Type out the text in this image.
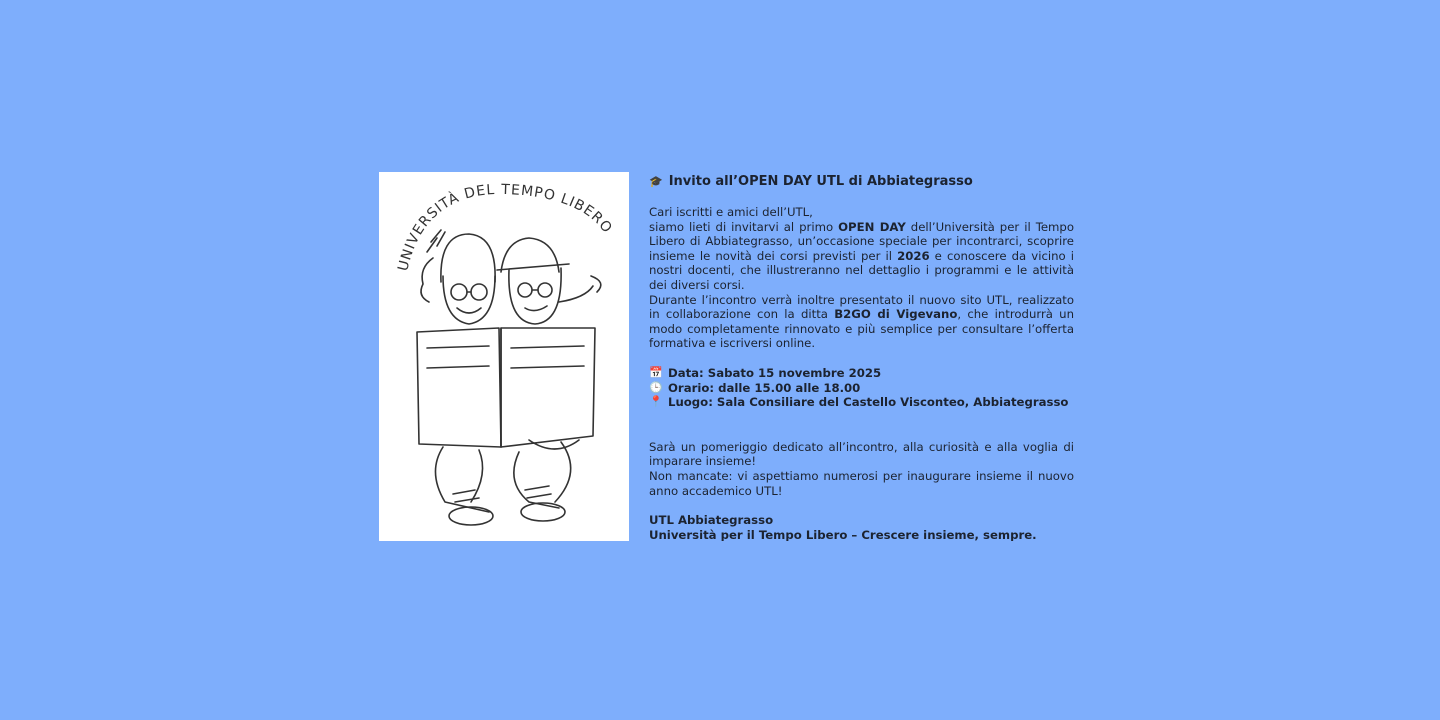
UNIVERSITÀ DEL TEMPO LIBERO
🎓 Invito all’OPEN DAY UTL di Abbiategrasso

Cari iscritti e amici dell’UTL,

siamo lieti di invitarvi al primo OPEN DAY dell’Università per il Tempo Libero di Abbiategrasso, un’occasione speciale per incontrarci, scoprire insieme le novità dei corsi previsti per il 2026 e conoscere da vicino i nostri docenti, che illustreranno nel dettaglio i programmi e le attività dei diversi corsi.

Durante l’incontro verrà inoltre presentato il nuovo sito UTL, realizzato in collaborazione con la ditta B2GO di Vigevano, che introdurrà un modo completamente rinnovato e più semplice per consultare l’offerta formativa e iscriversi online.

📅 Data: Sabato 15 novembre 2025
🕒 Orario: dalle 15.00 alle 18.00
📍 Luogo: Sala Consiliare del Castello Visconteo, Abbiategrasso

Sarà un pomeriggio dedicato all’incontro, alla curiosità e alla voglia di imparare insieme!

Non mancate: vi aspettiamo numerosi per inaugurare insieme il nuovo anno accademico UTL!

UTL Abbiategrasso

Università per il Tempo Libero – Crescere insieme, sempre.
